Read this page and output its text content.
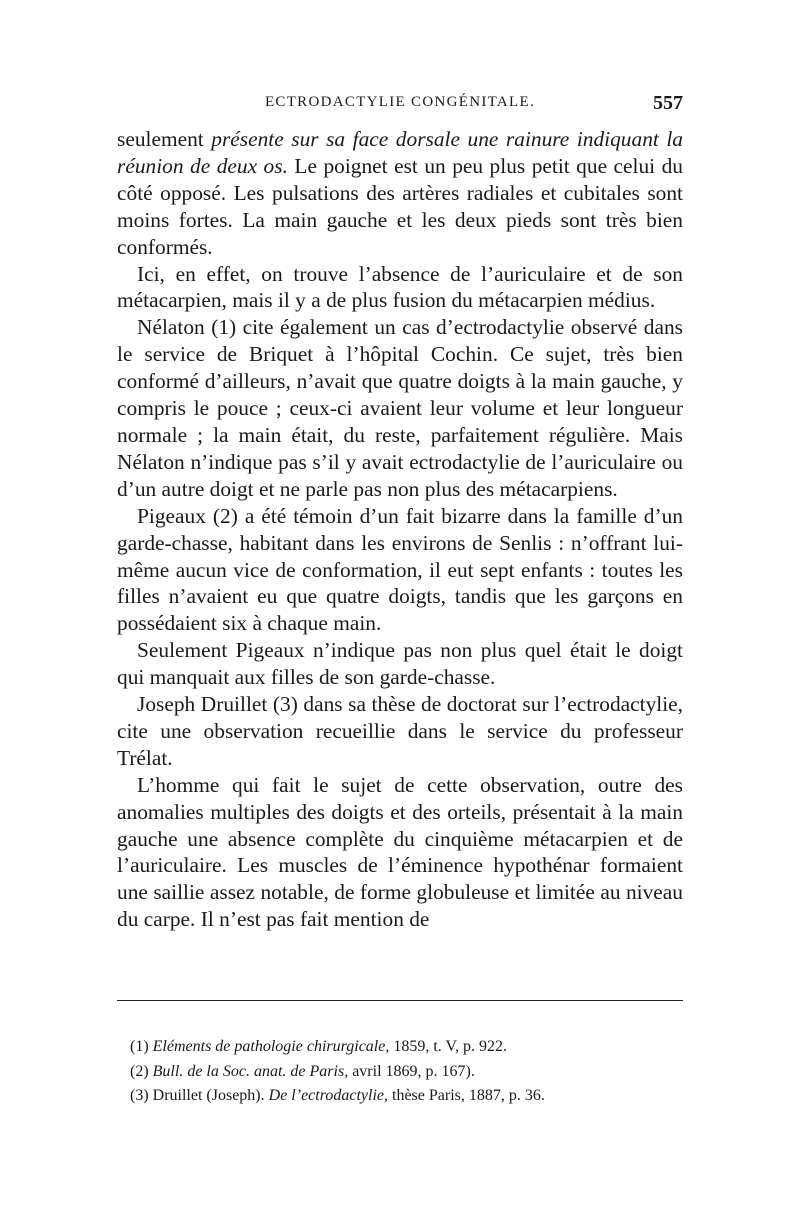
ECTRODACTYLIE CONGÉNITALE.	557

seulement présente sur sa face dorsale une rainure indiquant la réunion de deux os. Le poignet est un peu plus petit que celui du côté opposé. Les pulsations des artères radiales et cubitales sont moins fortes. La main gauche et les deux pieds sont très bien conformés.

Ici, en effet, on trouve l’absence de l’auriculaire et de son métacarpien, mais il y a de plus fusion du métacarpien médius.

Nélaton (1) cite également un cas d’ectrodactylie observé dans le service de Briquet à l’hôpital Cochin. Ce sujet, très bien conformé d’ailleurs, n’avait que quatre doigts à la main gauche, y compris le pouce ; ceux-ci avaient leur volume et leur longueur normale ; la main était, du reste, parfaitement régulière. Mais Nélaton n’indique pas s’il y avait ectrodactylie de l’auriculaire ou d’un autre doigt et ne parle pas non plus des métacarpiens.

Pigeaux (2) a été témoin d’un fait bizarre dans la famille d’un garde-chasse, habitant dans les environs de Senlis : n’offrant lui-même aucun vice de conformation, il eut sept enfants : toutes les filles n’avaient eu que quatre doigts, tandis que les garçons en possédaient six à chaque main.

Seulement Pigeaux n’indique pas non plus quel était le doigt qui manquait aux filles de son garde-chasse.

Joseph Druillet (3) dans sa thèse de doctorat sur l’ectrodactylie, cite une observation recueillie dans le service du professeur Trélat.

L’homme qui fait le sujet de cette observation, outre des anomalies multiples des doigts et des orteils, présentait à la main gauche une absence complète du cinquième métacarpien et de l’auriculaire. Les muscles de l’éminence hypothénar formaient une saillie assez notable, de forme globuleuse et limitée au niveau du carpe. Il n’est pas fait mention de

(1) Eléments de pathologie chirurgicale, 1859, t. V, p. 922.

(2) Bull. de la Soc. anat. de Paris, avril 1869, p. 167).

(3) Druillet (Joseph). De l’ectrodactylie, thèse Paris, 1887, p. 36.
